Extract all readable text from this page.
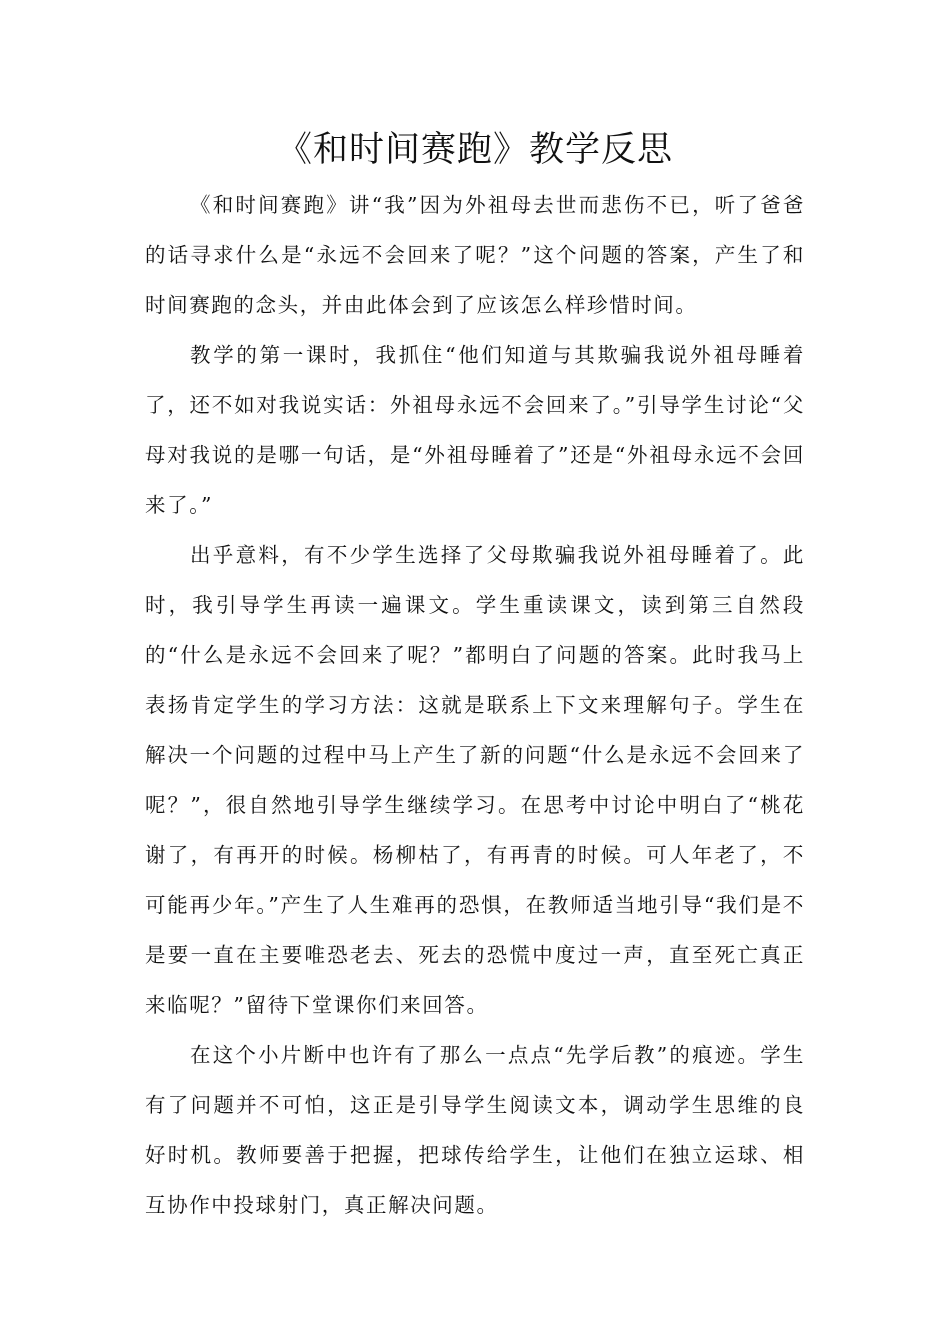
《和时间赛跑》教学反思

《和时间赛跑》讲“我”因为外祖母去世而悲伤不已，听了爸爸的话寻求什么是“永远不会回来了呢？”这个问题的答案，产生了和时间赛跑的念头，并由此体会到了应该怎么样珍惜时间。

教学的第一课时，我抓住“他们知道与其欺骗我说外祖母睡着了，还不如对我说实话：外祖母永远不会回来了。”引导学生讨论“父母对我说的是哪一句话，是“外祖母睡着了”还是“外祖母永远不会回来了。”

出乎意料，有不少学生选择了父母欺骗我说外祖母睡着了。此时，我引导学生再读一遍课文。学生重读课文，读到第三自然段的“什么是永远不会回来了呢？”都明白了问题的答案。此时我马上表扬肯定学生的学习方法：这就是联系上下文来理解句子。学生在解决一个问题的过程中马上产生了新的问题“什么是永远不会回来了呢？”，很自然地引导学生继续学习。在思考中讨论中明白了“桃花谢了，有再开的时候。杨柳枯了，有再青的时候。可人年老了，不可能再少年。”产生了人生难再的恐惧，在教师适当地引导“我们是不是要一直在主要唯恐老去、死去的恐慌中度过一声，直至死亡真正来临呢？”留待下堂课你们来回答。

在这个小片断中也许有了那么一点点“先学后教”的痕迹。学生有了问题并不可怕，这正是引导学生阅读文本，调动学生思维的良好时机。教师要善于把握，把球传给学生，让他们在独立运球、相互协作中投球射门，真正解决问题。
